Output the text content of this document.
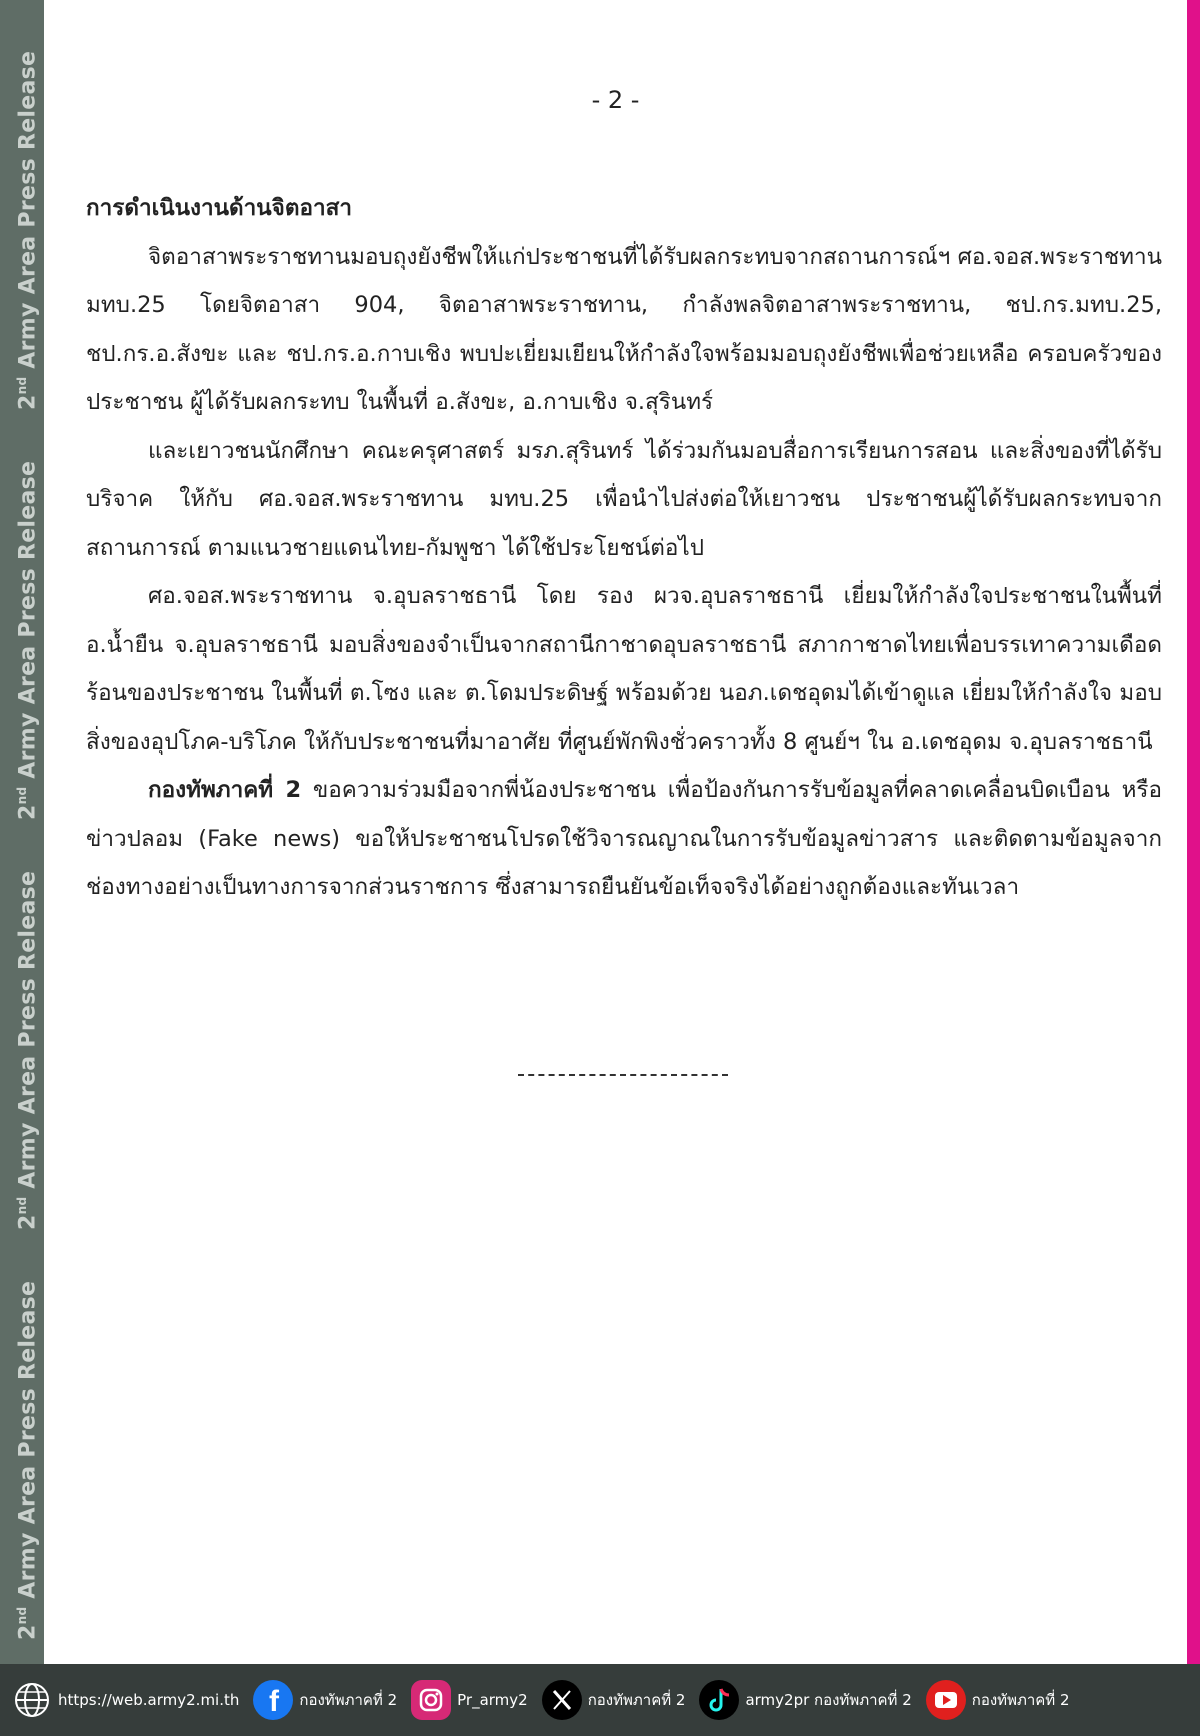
2nd Army Area Press Release
2nd Army Area Press Release
2nd Army Area Press Release
2nd Army Area Press Release
- 2 -
การดำเนินงานด้านจิตอาสา
จิตอาสาพระราชทานมอบถุงยังชีพให้แก่ประชาชนที่ได้รับผลกระทบจากสถานการณ์ฯ ศอ.จอส.พระราชทาน มทบ.25 โดยจิตอาสา 904, จิตอาสาพระราชทาน, กำลังพลจิตอาสาพระราชทาน, ชป.กร.มทบ.25, ชป.กร.อ.สังขะ และ ชป.กร.อ.กาบเชิง พบปะเยี่ยมเยียนให้กำลังใจพร้อมมอบถุงยังชีพเพื่อช่วยเหลือ ครอบครัวของประชาชน ผู้ได้รับผลกระทบ ในพื้นที่ อ.สังขะ, อ.กาบเชิง จ.สุรินทร์
และเยาวชนนักศึกษา คณะครุศาสตร์ มรภ.สุรินทร์ ได้ร่วมกันมอบสื่อการเรียนการสอน และสิ่งของที่ได้รับบริจาค ให้กับ ศอ.จอส.พระราชทาน มทบ.25 เพื่อนำไปส่งต่อให้เยาวชน ประชาชนผู้ได้รับผลกระทบจากสถานการณ์ ตามแนวชายแดนไทย-กัมพูชา ได้ใช้ประโยชน์ต่อไป
ศอ.จอส.พระราชทาน จ.อุบลราชธานี โดย รอง ผวจ.อุบลราชธานี เยี่ยมให้กำลังใจประชาชนในพื้นที่ อ.น้ำยืน จ.อุบลราชธานี มอบสิ่งของจำเป็นจากสถานีกาชาดอุบลราชธานี สภากาชาดไทยเพื่อบรรเทาความเดือดร้อนของประชาชน ในพื้นที่ ต.โซง และ ต.โดมประดิษฐ์ พร้อมด้วย นอภ.เดชอุดมได้เข้าดูแล เยี่ยมให้กำลังใจ มอบสิ่งของอุปโภค-บริโภค ให้กับประชาชนที่มาอาศัย ที่ศูนย์พักพิงชั่วคราวทั้ง 8 ศูนย์ฯ ใน อ.เดชอุดม จ.อุบลราชธานี
กองทัพภาคที่ 2 ขอความร่วมมือจากพี่น้องประชาชน เพื่อป้องกันการรับข้อมูลที่คลาดเคลื่อนบิดเบือน หรือข่าวปลอม (Fake news) ขอให้ประชาชนโปรดใช้วิจารณญาณในการรับข้อมูลข่าวสาร และติดตามข้อมูลจากช่องทางอย่างเป็นทางการจากส่วนราชการ ซึ่งสามารถยืนยันข้อเท็จจริงได้อย่างถูกต้องและทันเวลา
https://web.army2.mi.th f กองทัพภาคที่ 2	Pr_army2	กองทัพภาคที่ 2	army2pr กองทัพภาคที่ 2	กองทัพภาคที่ 2
